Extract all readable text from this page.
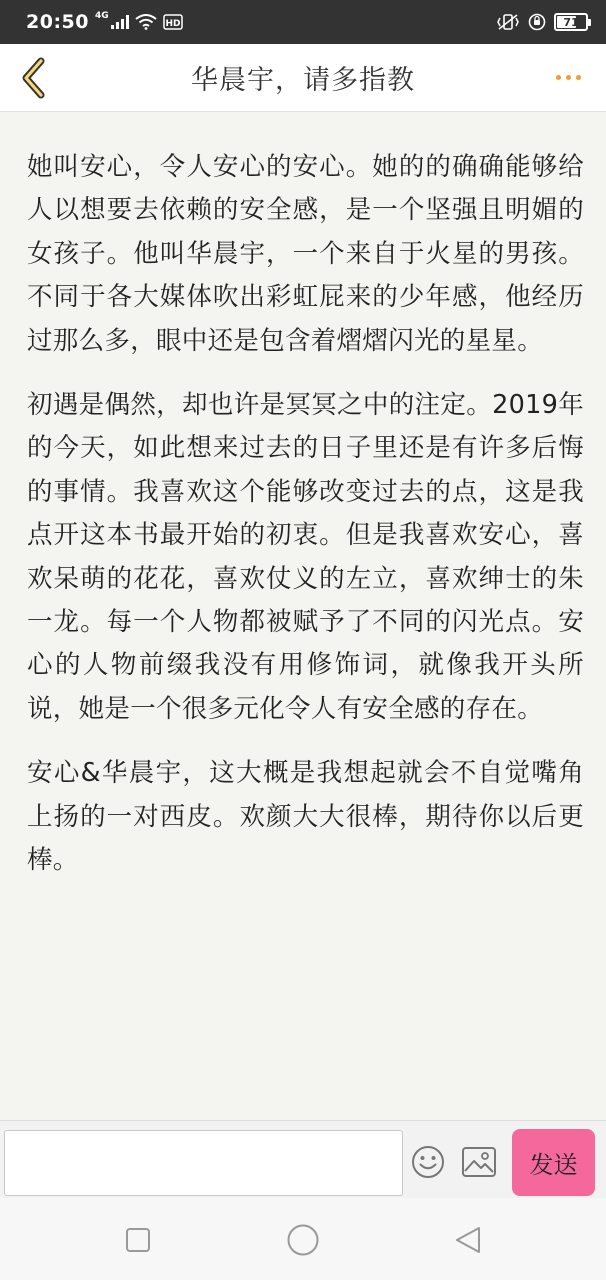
20:50 4G
HD	71
华晨宇，请多指教

她叫安心，令人安心的安心。她的的确确能够给人以想要去依赖的安全感，是一个坚强且明媚的女孩子。他叫华晨宇，一个来自于火星的男孩。不同于各大媒体吹出彩虹屁来的少年感，他经历过那么多，眼中还是包含着熠熠闪光的星星。

初遇是偶然，却也许是冥冥之中的注定。2019年的今天，如此想来过去的日子里还是有许多后悔的事情。我喜欢这个能够改变过去的点，这是我点开这本书最开始的初衷。但是我喜欢安心，喜欢呆萌的花花，喜欢仗义的左立，喜欢绅士的朱一龙。每一个人物都被赋予了不同的闪光点。安心的人物前缀我没有用修饰词，就像我开头所说，她是一个很多元化令人有安全感的存在。

安心&华晨宇，这大概是我想起就会不自觉嘴角上扬的一对西皮。欢颜大大很棒，期待你以后更棒。

发送
